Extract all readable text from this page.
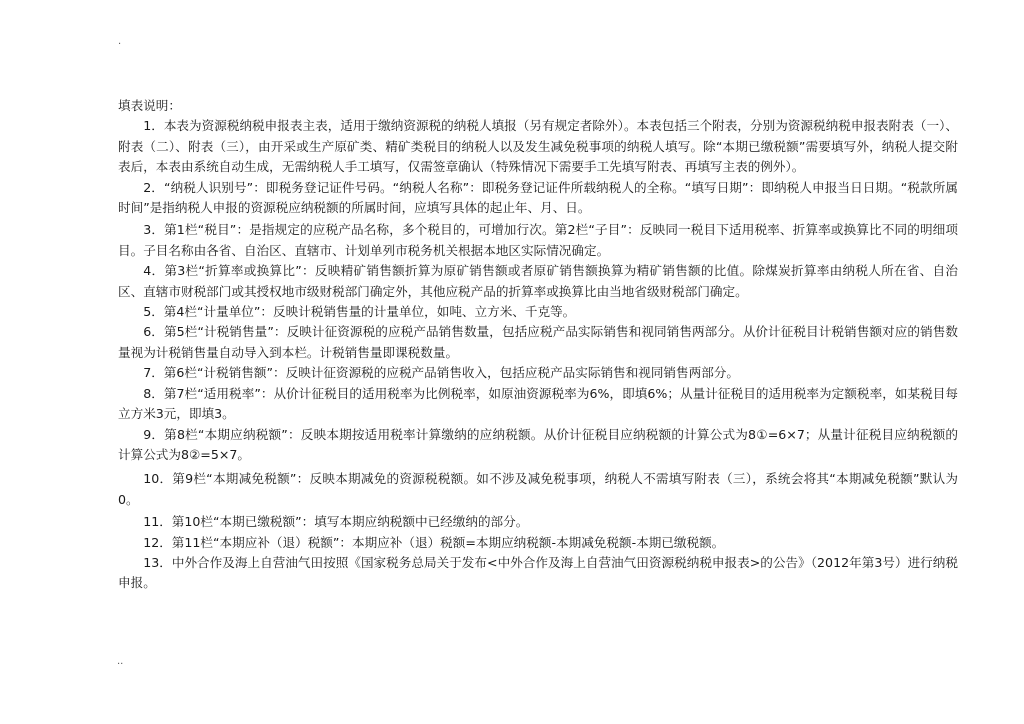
·

填表说明：

1．本表为资源税纳税申报表主表，适用于缴纳资源税的纳税人填报（另有规定者除外）。本表包括三个附表，分别为资源税纳税申报表附表（一）、附表（二）、附表（三），由开采或生产原矿类、精矿类税目的纳税人以及发生减免税事项的纳税人填写。除“本期已缴税额”需要填写外，纳税人提交附表后，本表由系统自动生成，无需纳税人手工填写，仅需签章确认（特殊情况下需要手工先填写附表、再填写主表的例外）。

2．“纳税人识别号”：即税务登记证件号码。“纳税人名称”：即税务登记证件所载纳税人的全称。“填写日期”：即纳税人申报当日日期。“税款所属时间”是指纳税人申报的资源税应纳税额的所属时间，应填写具体的起止年、月、日。

3．第1栏“税目”：是指规定的应税产品名称，多个税目的，可增加行次。第2栏“子目”：反映同一税目下适用税率、折算率或换算比不同的明细项目。子目名称由各省、自治区、直辖市、计划单列市税务机关根据本地区实际情况确定。

4．第3栏“折算率或换算比”：反映精矿销售额折算为原矿销售额或者原矿销售额换算为精矿销售额的比值。除煤炭折算率由纳税人所在省、自治区、直辖市财税部门或其授权地市级财税部门确定外，其他应税产品的折算率或换算比由当地省级财税部门确定。

5．第4栏“计量单位”：反映计税销售量的计量单位，如吨、立方米、千克等。

6．第5栏“计税销售量”：反映计征资源税的应税产品销售数量，包括应税产品实际销售和视同销售两部分。从价计征税目计税销售额对应的销售数量视为计税销售量自动导入到本栏。计税销售量即课税数量。

7．第6栏“计税销售额”：反映计征资源税的应税产品销售收入，包括应税产品实际销售和视同销售两部分。

8．第7栏“适用税率”：从价计征税目的适用税率为比例税率，如原油资源税率为6%，即填6%；从量计征税目的适用税率为定额税率，如某税目每立方米3元，即填3。

9．第8栏“本期应纳税额”：反映本期按适用税率计算缴纳的应纳税额。从价计征税目应纳税额的计算公式为8①=6×7；从量计征税目应纳税额的计算公式为8②=5×7。

10．第9栏“本期减免税额”：反映本期减免的资源税税额。如不涉及减免税事项，纳税人不需填写附表（三），系统会将其“本期减免税额”默认为0。

11．第10栏“本期已缴税额”：填写本期应纳税额中已经缴纳的部分。

12．第11栏“本期应补（退）税额”：本期应补（退）税额=本期应纳税额-本期减免税额-本期已缴税额。

13．中外合作及海上自营油气田按照《国家税务总局关于发布<中外合作及海上自营油气田资源税纳税申报表>的公告》（2012年第3号）进行纳税申报。

··
